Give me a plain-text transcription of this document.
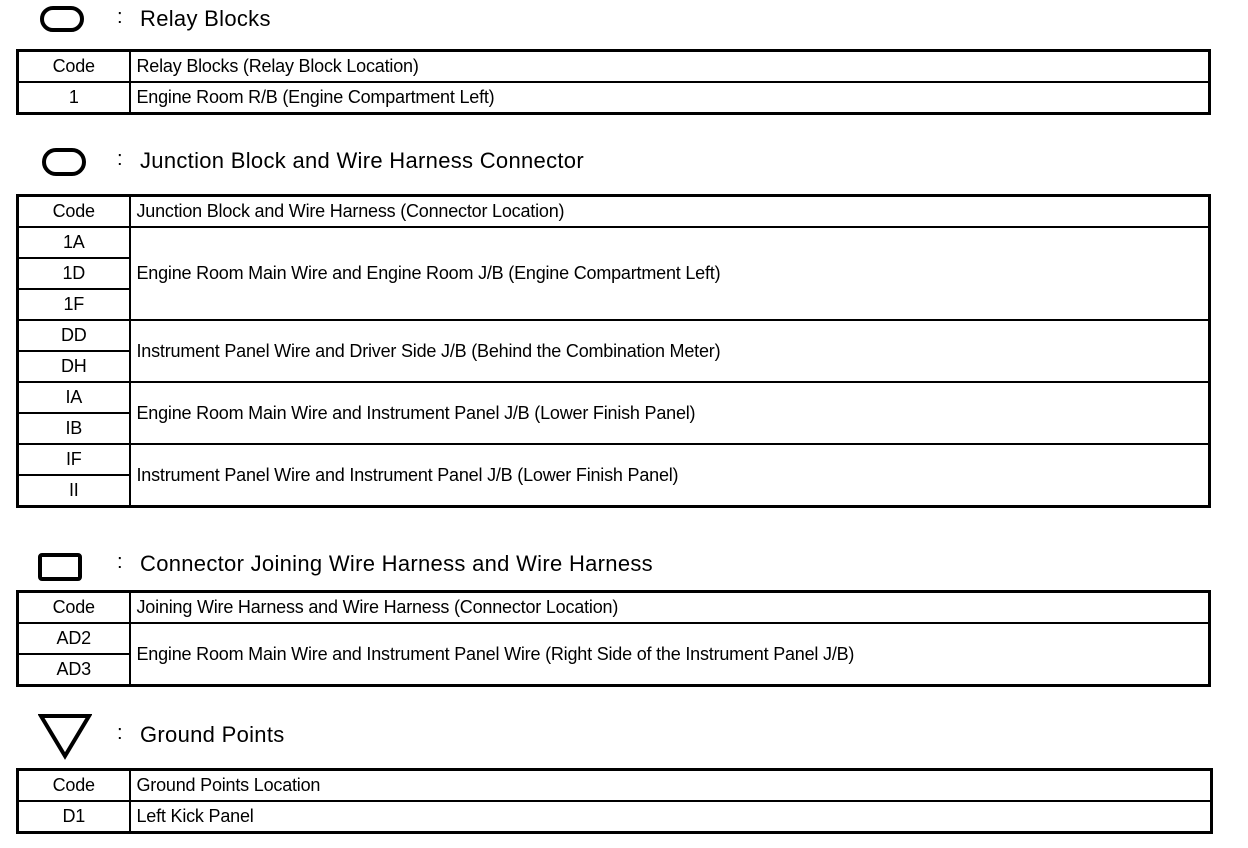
: Relay Blocks
Code	Relay Blocks (Relay Block Location)
1	Engine Room R/B (Engine Compartment Left)
: Junction Block and Wire Harness Connector
Code	Junction Block and Wire Harness (Connector Location)
1A	Engine Room Main Wire and Engine Room J/B (Engine Compartment Left)
1D	
1F	
DD	Instrument Panel Wire and Driver Side J/B (Behind the Combination Meter)
DH	
IA	Engine Room Main Wire and Instrument Panel J/B (Lower Finish Panel)
IB	
IF	Instrument Panel Wire and Instrument Panel J/B (Lower Finish Panel)
II	
: Connector Joining Wire Harness and Wire Harness
Code	Joining Wire Harness and Wire Harness (Connector Location)
AD2	Engine Room Main Wire and Instrument Panel Wire (Right Side of the Instrument Panel J/B)
AD3	
: Ground Points
Code	Ground Points Location
D1	Left Kick Panel
